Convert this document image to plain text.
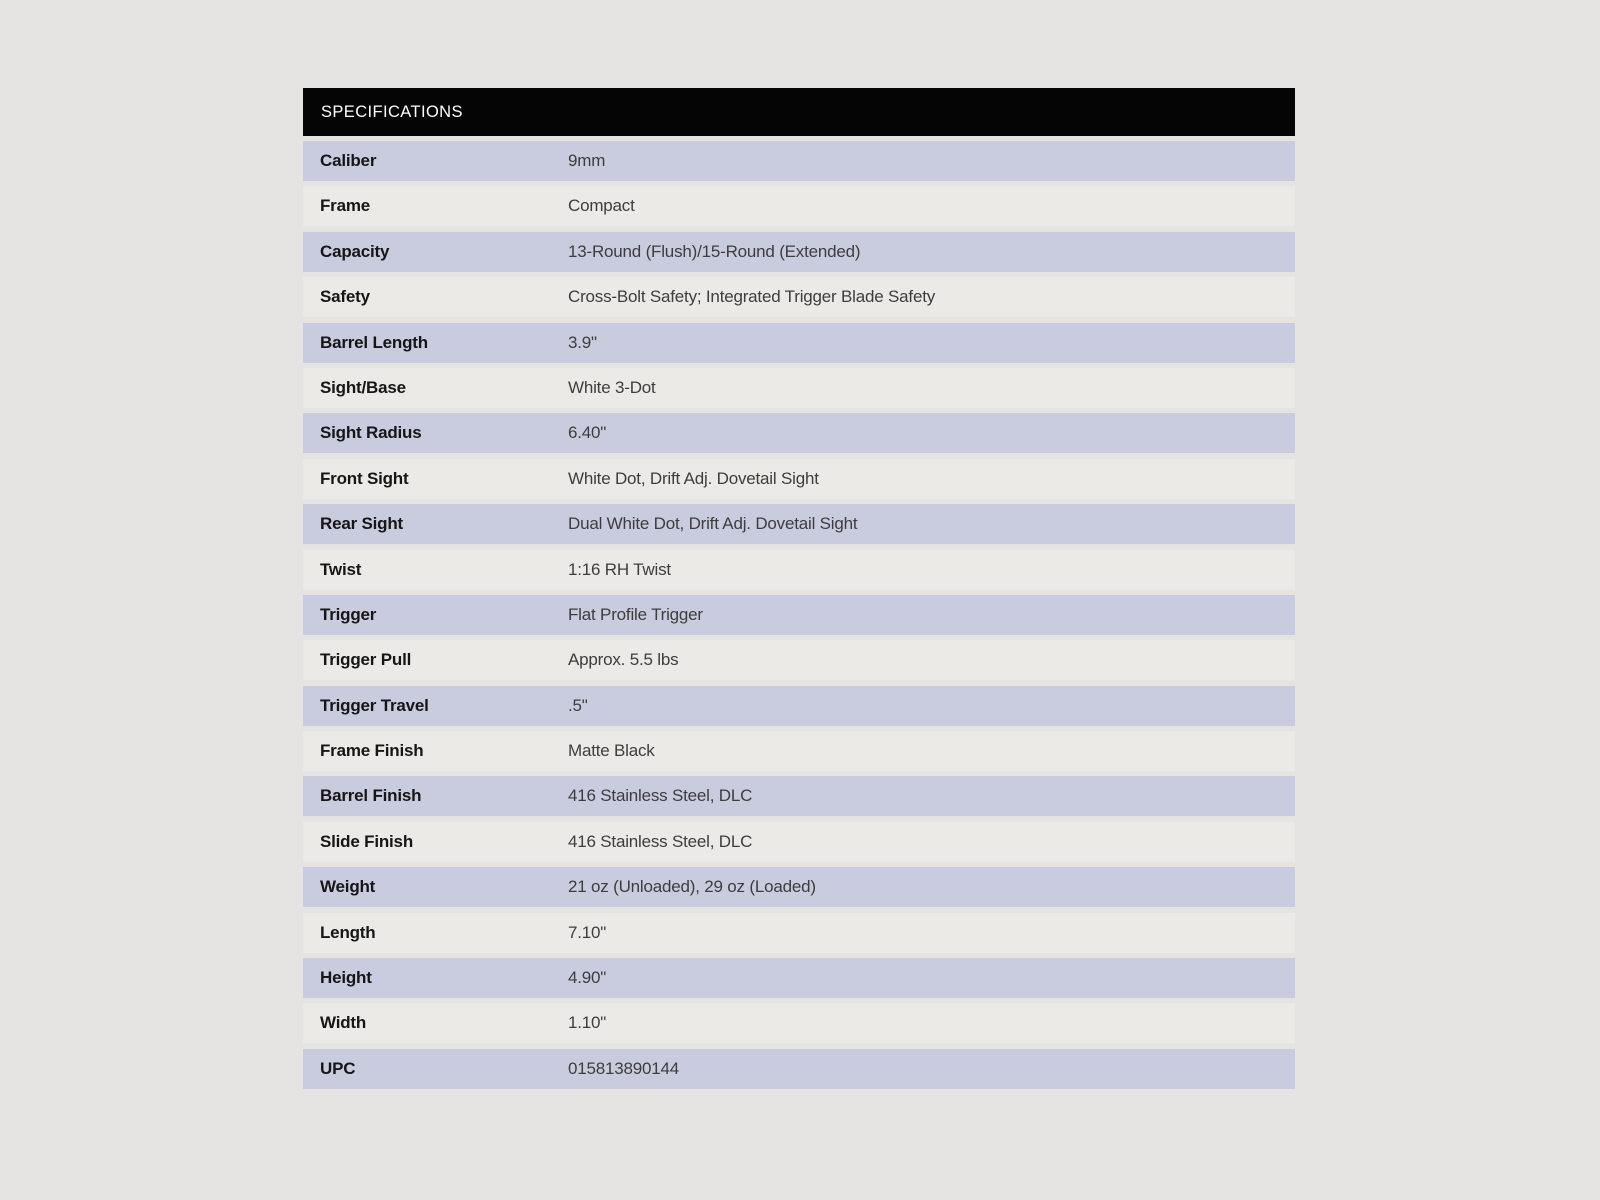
SPECIFICATIONS
Caliber	9mm
Frame	Compact
Capacity	13-Round (Flush)/15-Round (Extended)
Safety	Cross-Bolt Safety; Integrated Trigger Blade Safety
Barrel Length	3.9"
Sight/Base	White 3-Dot
Sight Radius	6.40"
Front Sight	White Dot, Drift Adj. Dovetail Sight
Rear Sight	Dual White Dot, Drift Adj. Dovetail Sight
Twist	1:16 RH Twist
Trigger	Flat Profile Trigger
Trigger Pull	Approx. 5.5 lbs
Trigger Travel	.5"
Frame Finish	Matte Black
Barrel Finish	416 Stainless Steel, DLC
Slide Finish	416 Stainless Steel, DLC
Weight	21 oz (Unloaded), 29 oz (Loaded)
Length	7.10"
Height	4.90"
Width	1.10"
UPC	015813890144
